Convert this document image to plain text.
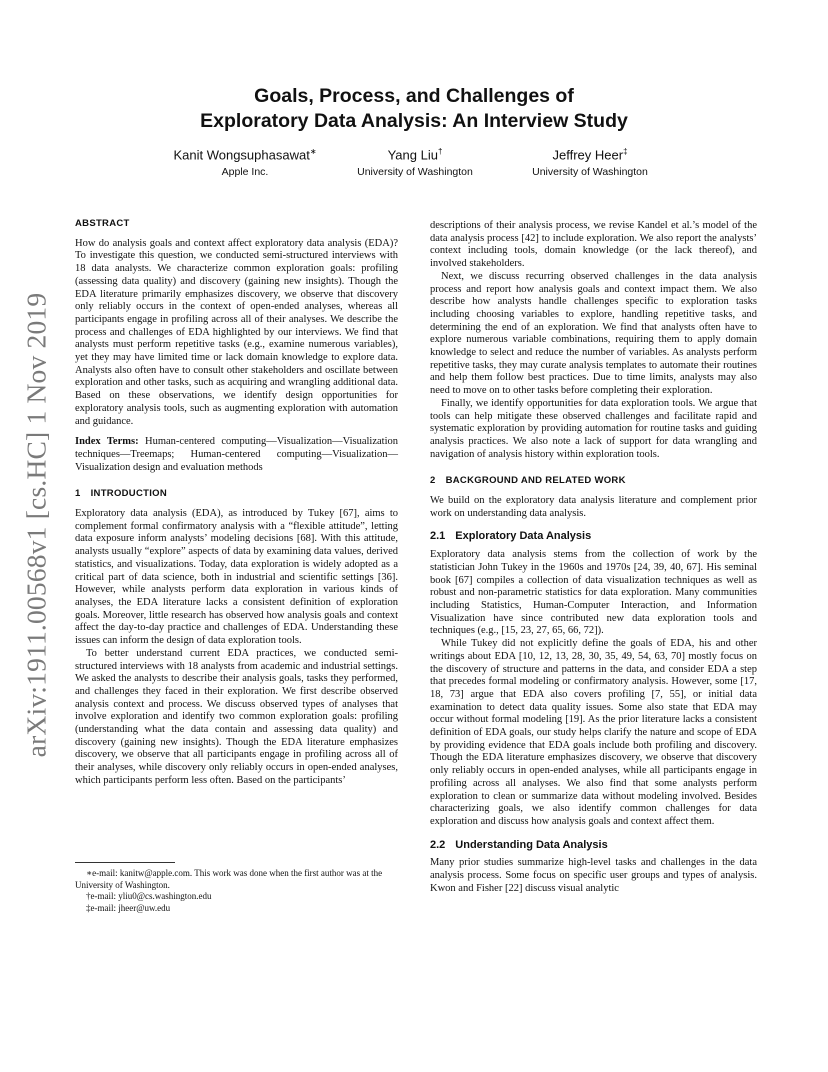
arXiv:1911.00568v1 [cs.HC] 1 Nov 2019
Goals, Process, and Challenges of
Exploratory Data Analysis: An Interview Study
Kanit Wongsuphasawat∗
Apple Inc.
Yang Liu†
University of Washington
Jeffrey Heer‡
University of Washington
ABSTRACT

How do analysis goals and context affect exploratory data analysis (EDA)? To investigate this question, we conducted semi-structured interviews with 18 data analysts. We characterize common exploration goals: profiling (assessing data quality) and discovery (gaining new insights). Though the EDA literature primarily emphasizes discovery, we observe that discovery only reliably occurs in the context of open-ended analyses, whereas all participants engage in profiling across all of their analyses. We describe the process and challenges of EDA highlighted by our interviews. We find that analysts must perform repetitive tasks (e.g., examine numerous variables), yet they may have limited time or lack domain knowledge to explore data. Analysts also often have to consult other stakeholders and oscillate between exploration and other tasks, such as acquiring and wrangling additional data. Based on these observations, we identify design opportunities for exploratory analysis tools, such as augmenting exploration with automation and guidance.

Index Terms: Human-centered computing—Visualization—Visualization techniques—Treemaps; Human-centered computing—Visualization—Visualization design and evaluation methods

1 INTRODUCTION

Exploratory data analysis (EDA), as introduced by Tukey [67], aims to complement formal confirmatory analysis with a “flexible attitude”, letting data exposure inform analysts’ modeling decisions [68]. With this attitude, analysts usually “explore” aspects of data by examining data values, derived statistics, and visualizations. Today, data exploration is widely adopted as a critical part of data science, both in industrial and scientific settings [36]. However, while analysts perform data exploration in various kinds of analyses, the EDA literature lacks a consistent definition of exploration goals. Moreover, little research has observed how analysis goals and context affect the day-to-day practice and challenges of EDA. Understanding these issues can inform the design of data exploration tools.

To better understand current EDA practices, we conducted semi-structured interviews with 18 analysts from academic and industrial settings. We asked the analysts to describe their analysis goals, tasks they performed, and challenges they faced in their exploration. We first describe observed analysis context and process. We discuss observed types of analyses that involve exploration and identify two common exploration goals: profiling (understanding what the data contain and assessing data quality) and discovery (gaining new insights). Though the EDA literature emphasizes discovery, we observe that all participants engage in profiling across all of their analyses, while discovery only reliably occurs in open-ended analyses, which participants perform less often. Based on the participants’

∗e-mail: kanitw@apple.com. This work was done when the first author was at the University of Washington.
†e-mail: yliu0@cs.washington.edu
‡e-mail: jheer@uw.edu

descriptions of their analysis process, we revise Kandel et al.’s model of the data analysis process [42] to include exploration. We also report the analysts’ context including tools, domain knowledge (or the lack thereof), and involved stakeholders.

Next, we discuss recurring observed challenges in the data analysis process and report how analysis goals and context impact them. We also describe how analysts handle challenges specific to exploration tasks including choosing variables to explore, handling repetitive tasks, and determining the end of an exploration. We find that analysts often have to explore numerous variable combinations, requiring them to apply domain knowledge to select and reduce the number of variables. As analysts perform repetitive tasks, they may curate analysis templates to automate their routines and help them follow best practices. Due to time limits, analysts may also need to move on to other tasks before completing their exploration.

Finally, we identify opportunities for data exploration tools. We argue that tools can help mitigate these observed challenges and facilitate rapid and systematic exploration by providing automation for routine tasks and guiding analysis practices. We also note a lack of support for data wrangling and navigation of analysis history within exploration tools.

2 BACKGROUND AND RELATED WORK

We build on the exploratory data analysis literature and complement prior work on understanding data analysis.

2.1 Exploratory Data Analysis

Exploratory data analysis stems from the collection of work by the statistician John Tukey in the 1960s and 1970s [24, 39, 40, 67]. His seminal book [67] compiles a collection of data visualization techniques as well as robust and non-parametric statistics for data exploration. Many communities including Statistics, Human-Computer Interaction, and Information Visualization have since contributed new data exploration tools and techniques (e.g., [15, 23, 27, 65, 66, 72]).

While Tukey did not explicitly define the goals of EDA, his and other writings about EDA [10, 12, 13, 28, 30, 35, 49, 54, 63, 70] mostly focus on the discovery of structure and patterns in the data, and consider EDA a step that precedes formal modeling or confirmatory analysis. However, some [17, 18, 73] argue that EDA also covers profiling [7, 55], or initial data examination to detect data quality issues. Some also state that EDA may occur without formal modeling [19]. As the prior literature lacks a consistent definition of EDA goals, our study helps clarify the nature and scope of EDA by providing evidence that EDA goals include both profiling and discovery. Though the EDA literature emphasizes discovery, we observe that discovery only reliably occurs in open-ended analyses, while all participants engage in profiling across all analyses. We also find that some analysts perform exploration to clean or summarize data without modeling involved. Besides characterizing goals, we also identify common challenges for data exploration and discuss how analysis goals and context affect them.

2.2 Understanding Data Analysis

Many prior studies summarize high-level tasks and challenges in the data analysis process. Some focus on specific user groups and types of analysis. Kwon and Fisher [22] discuss visual analytic
